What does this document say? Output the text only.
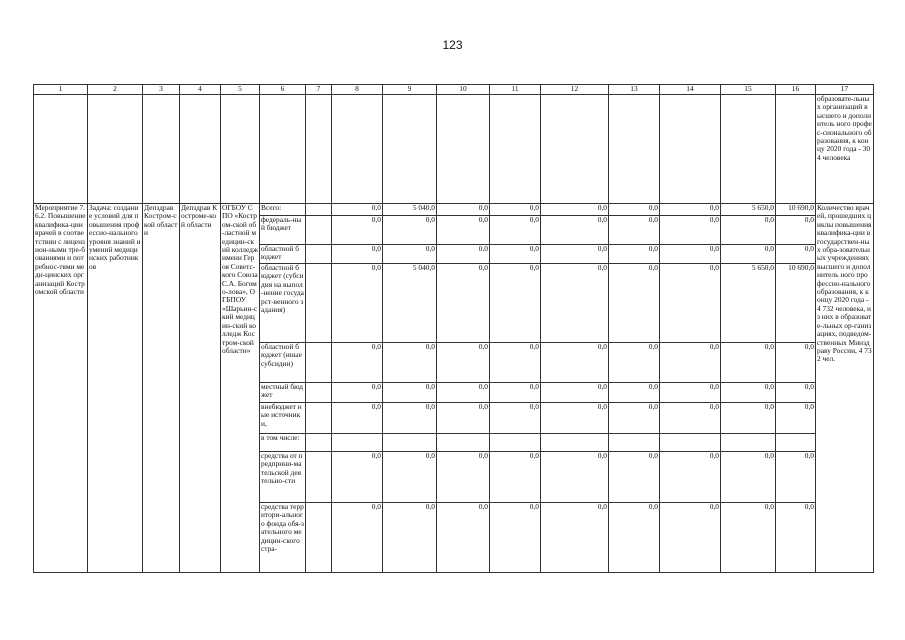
123
1	2	3	4	5	6	7	8	9	10	11	12	13	14	15	16	17
																образовате-льных организаций высшего и дополнитель ного профес-сионального образования, к концу 2020 года - 304 человека
Мероприятие 7.6.2. Повышение квалифика-ции врачей в соответствии с лицензион-ными тре-бованиями и потребнос-тями меди-цинских организаций Костромской области	Задача: создание условий для повышения профессио-нального уровня знаний и умений медицинских работников	Депздрав Костром-ской области	Депздрав Костроме-кой области	ОГБОУ СПО «Костром-ской об-ластной медицин-ский колледж имени Героя Советс-кого Союза С.А. Богомо-лова», ОГБПОУ «Шарьин-ский медицин-ский колледж Костром-ской области»	Всего:		0,0	5 040,0	0,0	0,0	0,0	0,0	0,0	5 650,0	10 690,0	Количество врачей, прошедших циклы повышения квалифика-ции в государствен-ных обра-зовательных учреждениях высшего и дополнитель ного профессио-нального образования, к концу 2020 года - 4 732 человека, из них в образовате-льных ор-ганизациях, подведом-ственных Минздраву России, 4 732 чел.
					федераль-ный бюджет		0,0	0,0	0,0	0,0	0,0	0,0	0,0	0,0	0,0	
					областной бюджет		0,0	0,0	0,0	0,0	0,0	0,0	0,0	0,0	0,0	
					областной бюджет (субсидия на выпол-нение государст-венного задания)		0,0	5 040,0	0,0	0,0	0,0	0,0	0,0	5 650,0	10 690,0	
					областной бюджет (иные субсидии)		0,0	0,0	0,0	0,0	0,0	0,0	0,0	0,0	0,0	
					местный бюджет		0,0	0,0	0,0	0,0	0,0	0,0	0,0	0,0	0,0	
					внебюджет ные источники,		0,0	0,0	0,0	0,0	0,0	0,0	0,0	0,0	0,0	
					в том числе:											
					средства от предприни-мательской деятельно-сти		0,0	0,0	0,0	0,0	0,0	0,0	0,0	0,0	0,0	
					средства территори-ального фонда обя-зательного медицин-ского стра-		0,0	0,0	0,0	0,0	0,0	0,0	0,0	0,0	0,0	
